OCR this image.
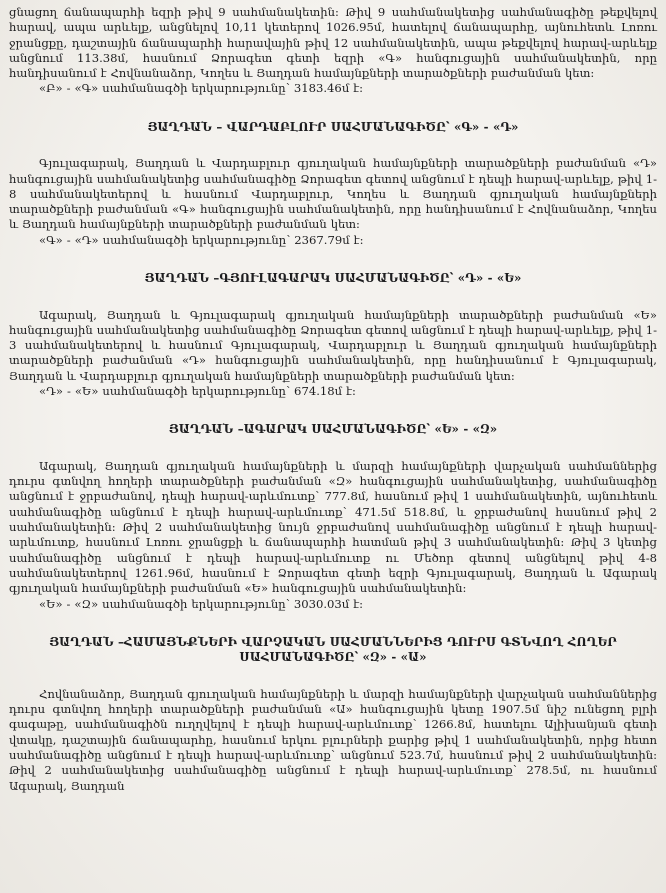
ցնացող ճանապարհի եզրի թիվ 9 սահմանակետին: Թիվ 9 սահմանակետից սահմանագիծը թեքվելով հարավ, ապա արևելք, անցնելով 10,11 կետերով 1026.95մ, հատելով ճանապարհը, այնուհետև Լոռու ջրանցքը, դաշտային ճանապարհի հարավային թիվ 12 սահմանակետին, ապա թեքվելով հարավ-արևելք անցնում 113.38մ, հասնում Ձորագետ գետի եզրի «Գ» հանգուցային սահմանակետին, որը հանդիսանում է Հովնանաձոր, Կողես և Յաղդան համայնքների տարածքների բաժանման կետ:

«Բ» - «Գ» սահմանագծի երկարությունը՝ 3183.46մ է:

ՅԱՂԴԱՆ – ՎԱՐԴԱԲԼՈՒՐ ՍԱՀՄԱՆԱԳԻԾԸ՝ «Գ» - «Դ»

Գյուլագարակ, Յաղդան և Վարդաբլուր գյուղական համայնքների տարածքների բաժանման «Դ» հանգուցային սահմանակետից սահմանագիծը Ձորագետ գետով անցնում է դեպի հարավ-արևելք, թիվ 1-8 սահմանակետերով և հասնում Վարդաբլուր, Կողես և Յաղդան գյուղական համայնքների տարածքների բաժանման «Գ» հանգուցային սահմանակետին, որը հանդիսանում է Հովնանաձոր, Կողես և Յաղդան համայնքների տարածքների բաժանման կետ:

«Գ» - «Դ» սահմանագծի երկարությունը՝ 2367.79մ է:

ՅԱՂԴԱՆ –ԳՅՈՒԼԱԳԱՐԱԿ ՍԱՀՄԱՆԱԳԻԾԸ՝ «Դ» - «Ե»

Ագարակ, Յաղդան և Գյուլագարակ գյուղական համայնքների տարածքների բաժանման «Ե» հանգուցային սահմանակետից սահմանագիծը Ձորագետ գետով անցնում է դեպի հարավ-արևելք, թիվ 1-3 սահմանակետերով և հասնում Գյուլագարակ, Վարդաբլուր և Յաղդան գյուղական համայնքների տարածքների բաժանման «Դ» հանգուցային սահմանակետին, որը հանդիսանում է Գյուլագարակ, Յաղդան և Վարդաբլուր գյուղական համայնքների տարածքների բաժանման կետ:

«Դ» - «Ե» սահմանագծի երկարությունը՝ 674.18մ է:

ՅԱՂԴԱՆ –ԱԳԱՐԱԿ ՍԱՀՄԱՆԱԳԻԾԸ՝ «Ե» - «Զ»

Ագարակ, Յաղդան գյուղական համայնքների և մարզի համայնքների վարչական սահմաններից դուրս գտնվող հողերի տարածքների բաժանման «Զ» հանգուցային սահմանակետից, սահմանագիծը անցնում է ջրբաժանով, դեպի հարավ-արևմուտք՝ 777.8մ, հասնում թիվ 1 սահմանակետին, այնուհետև սահմանագիծը անցնում է դեպի հարավ-արևմուտք՝ 471.5մ 518.8մ, և ջրբաժանով հասնում թիվ 2 սահմանակետին: Թիվ 2 սահմանակետից նույն ջրբաժանով սահմանագիծը անցնում է դեպի հարավ-արևմուտք, հասնում Լոռու ջրանցքի և ճանապարհի հատման թիվ 3 սահմանակետին: Թիվ 3 կետից սահմանագիծը անցնում է դեպի հարավ-արևմուտք ու Մեծոր գետով անցնելով թիվ 4-8 սահմանակետերով 1261.96մ, հասնում է Ձորագետ գետի եզրի Գյուլագարակ, Յաղդան և Ագարակ գյուղական համայնքների բաժանման «Ե» հանգուցային սահմանակետին:

«Ե» - «Զ» սահմանագծի երկարությունը՝ 3030.03մ է:

ՅԱՂԴԱՆ –ՀԱՄԱՅՆՔՆԵՐԻ ՎԱՐՉԱԿԱՆ ՍԱՀՄԱՆՆԵՐԻՑ ԴՈՒՐՍ ԳՏՆՎՈՂ ՀՈՂԵՐ ՍԱՀՄԱՆԱԳԻԾԸ՝ «Զ» - «Ա»

Հովնանաձոր, Յաղդան գյուղական համայնքների և մարզի համայնքների վարչական սահմաններից դուրս գտնվող հողերի տարածքների բաժանման «Ա» հանգուցային կետը 1907.5մ նիշ ունեցող բլրի գագաթը, սահմանագիծն ուղղվելով է դեպի հարավ-արևմուտք՝ 1266.8մ, հատելու Ալիխանյան գետի վտակը, դաշտային ճանապարհը, հասնում երկու բլուրների քարից թիվ 1 սահմանակետին, որից հետո սահմանագիծը անցնում է դեպի հարավ-արևմուտք՝ անցնում 523.7մ, հասնում թիվ 2 սահմանակետին: Թիվ 2 սահմանակետից սահմանագիծը անցնում է դեպի հարավ-արևմուտք՝ 278.5մ, ու հասնում Ագարակ, Յաղդան
